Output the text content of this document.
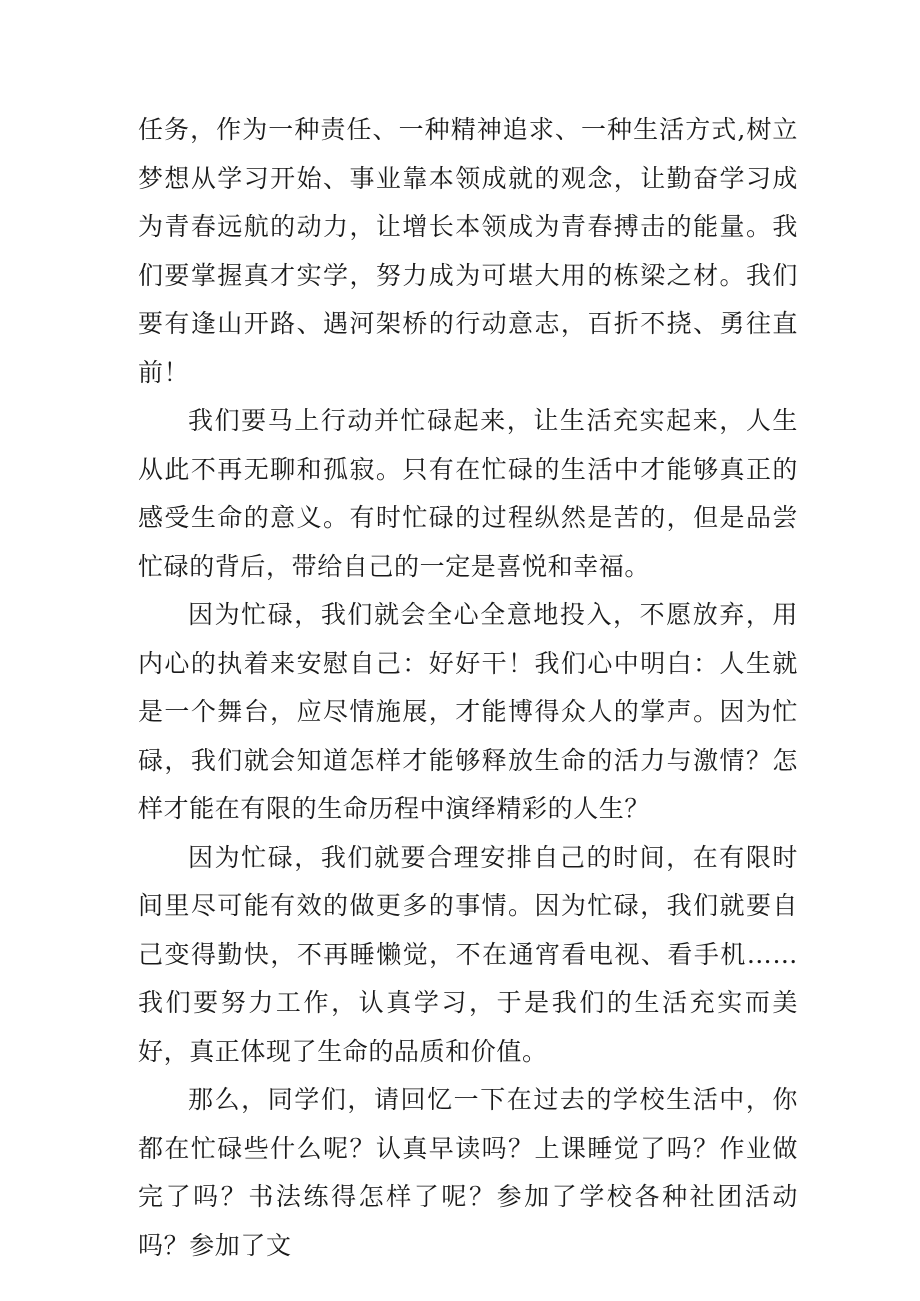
任务，作为一种责任、一种精神追求、一种生活方式,树立梦想从学习开始、事业靠本领成就的观念，让勤奋学习成为青春远航的动力，让增长本领成为青春搏击的能量。我们要掌握真才实学，努力成为可堪大用的栋梁之材。我们要有逢山开路、遇河架桥的行动意志，百折不挠、勇往直前！

我们要马上行动并忙碌起来，让生活充实起来，人生从此不再无聊和孤寂。只有在忙碌的生活中才能够真正的感受生命的意义。有时忙碌的过程纵然是苦的，但是品尝忙碌的背后，带给自己的一定是喜悦和幸福。

因为忙碌，我们就会全心全意地投入，不愿放弃，用内心的执着来安慰自己：好好干！我们心中明白：人生就是一个舞台，应尽情施展，才能博得众人的掌声。因为忙碌，我们就会知道怎样才能够释放生命的活力与激情？怎样才能在有限的生命历程中演绎精彩的人生？

因为忙碌，我们就要合理安排自己的时间，在有限时间里尽可能有效的做更多的事情。因为忙碌，我们就要自己变得勤快，不再睡懒觉，不在通宵看电视、看手机……我们要努力工作，认真学习，于是我们的生活充实而美好，真正体现了生命的品质和价值。

那么，同学们，请回忆一下在过去的学校生活中，你都在忙碌些什么呢？认真早读吗？上课睡觉了吗？作业做完了吗？书法练得怎样了呢？参加了学校各种社团活动吗？参加了文
